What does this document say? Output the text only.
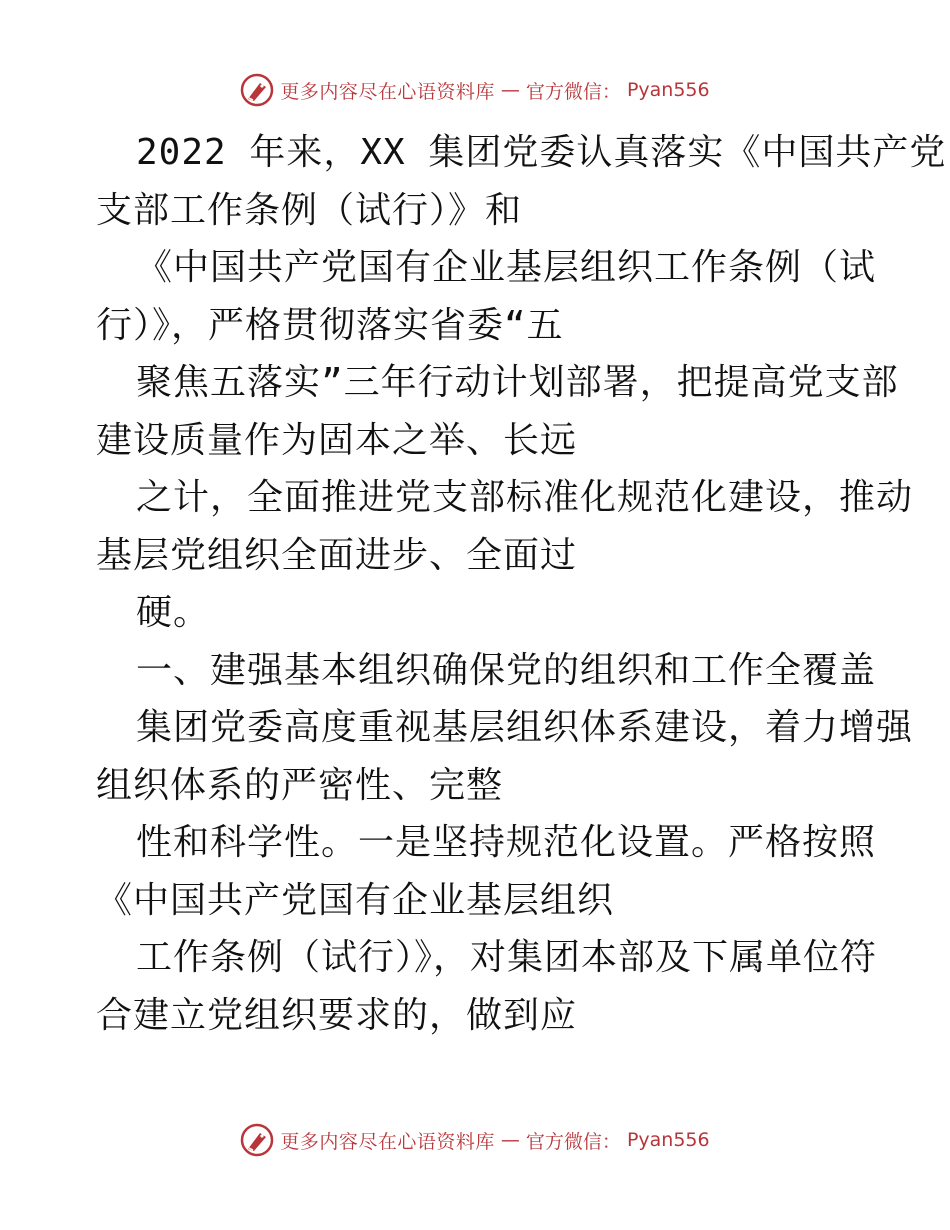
更多内容尽在心语资料库 — 官方微信： Pyan556
2022 年来，XX 集团党委认真落实《中国共产党
支部工作条例（试行）》和
《中国共产党国有企业基层组织工作条例（试
行）》，严格贯彻落实省委“五
聚焦五落实”三年行动计划部署，把提高党支部
建设质量作为固本之举、长远
之计，全面推进党支部标准化规范化建设，推动
基层党组织全面进步、全面过
硬。
一、建强基本组织确保党的组织和工作全覆盖
集团党委高度重视基层组织体系建设，着力增强
组织体系的严密性、完整
性和科学性。一是坚持规范化设置。严格按照
《中国共产党国有企业基层组织
工作条例（试行）》，对集团本部及下属单位符
合建立党组织要求的，做到应
更多内容尽在心语资料库 — 官方微信： Pyan556
